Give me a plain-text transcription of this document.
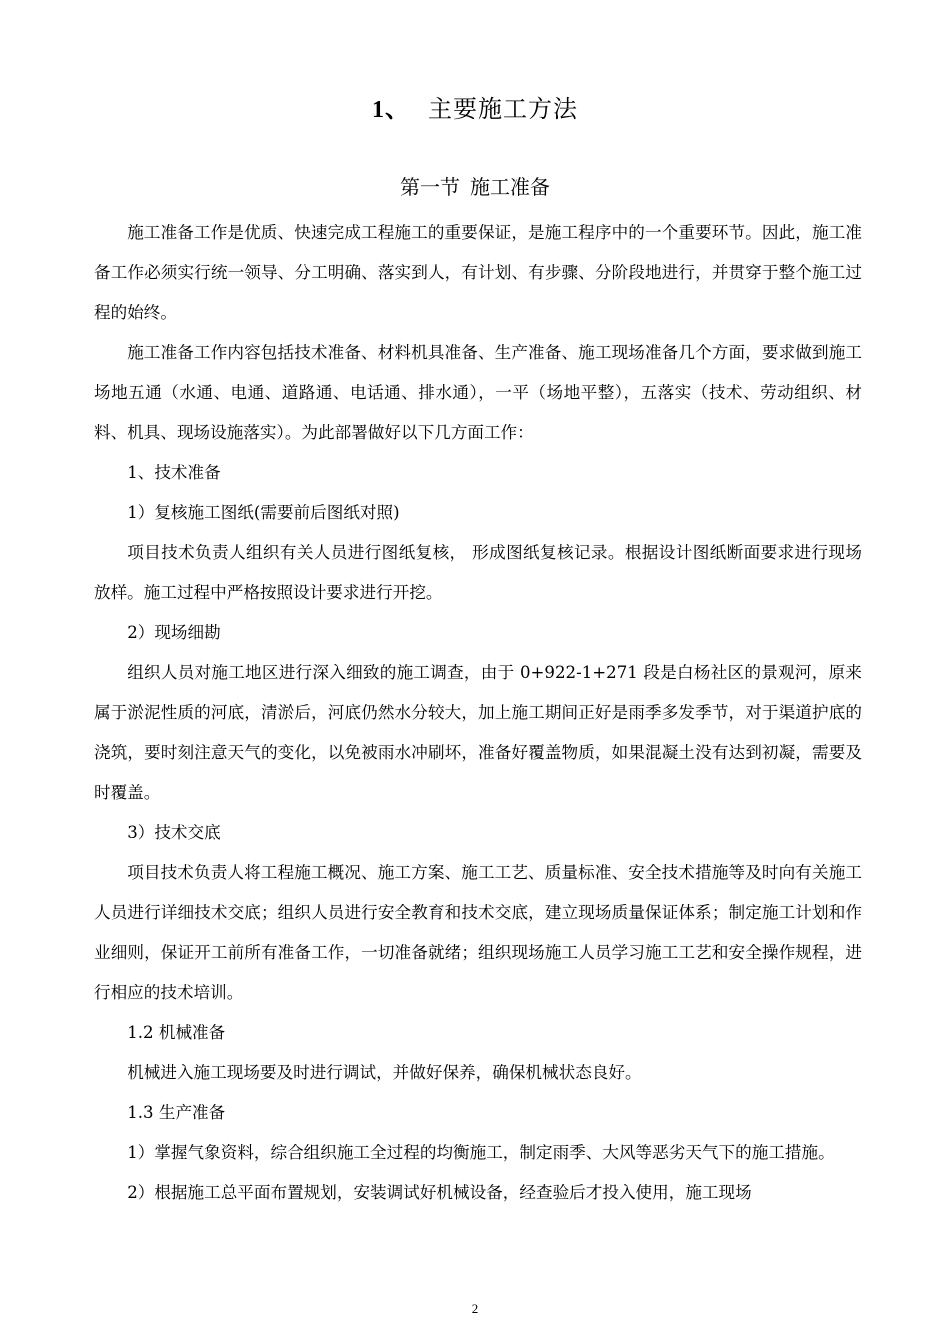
1、 主要施工方法
第一节 施工准备

施工准备工作是优质、快速完成工程施工的重要保证，是施工程序中的一个重要环节。因此，施工准备工作必须实行统一领导、分工明确、落实到人，有计划、有步骤、分阶段地进行，并贯穿于整个施工过程的始终。

施工准备工作内容包括技术准备、材料机具准备、生产准备、施工现场准备几个方面，要求做到施工场地五通（水通、电通、道路通、电话通、排水通），一平（场地平整），五落实（技术、劳动组织、材料、机具、现场设施落实）。为此部署做好以下几方面工作：

1、技术准备

1）复核施工图纸(需要前后图纸对照)

项目技术负责人组织有关人员进行图纸复核， 形成图纸复核记录。根据设计图纸断面要求进行现场放样。施工过程中严格按照设计要求进行开挖。

2）现场细勘

组织人员对施工地区进行深入细致的施工调查，由于 0+922-1+271 段是白杨社区的景观河，原来属于淤泥性质的河底，清淤后，河底仍然水分较大，加上施工期间正好是雨季多发季节，对于渠道护底的浇筑，要时刻注意天气的变化，以免被雨水冲刷坏，准备好覆盖物质，如果混凝土没有达到初凝，需要及时覆盖。

3）技术交底

项目技术负责人将工程施工概况、施工方案、施工工艺、质量标准、安全技术措施等及时向有关施工人员进行详细技术交底；组织人员进行安全教育和技术交底，建立现场质量保证体系；制定施工计划和作业细则，保证开工前所有准备工作，一切准备就绪；组织现场施工人员学习施工工艺和安全操作规程，进行相应的技术培训。

1.2 机械准备

机械进入施工现场要及时进行调试，并做好保养，确保机械状态良好。

1.3 生产准备

1）掌握气象资料，综合组织施工全过程的均衡施工，制定雨季、大风等恶劣天气下的施工措施。

2）根据施工总平面布置规划，安装调试好机械设备，经查验后才投入使用，施工现场

2
